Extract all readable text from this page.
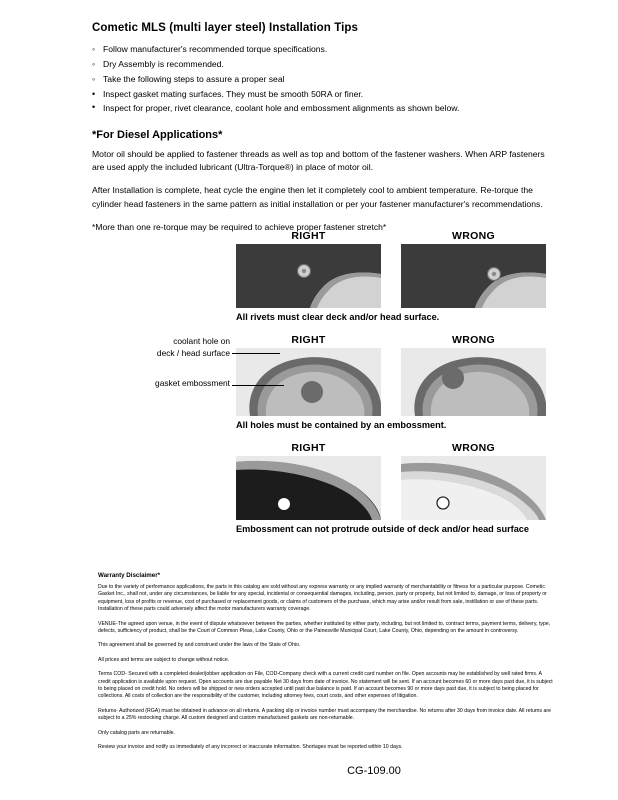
Cometic MLS (multi layer steel) Installation Tips
◦ Follow manufacturer's recommended torque specifications.
◦ Dry Assembly is recommended.
◦ Take the following steps to assure a proper seal
• Inspect gasket mating surfaces. They must be smooth 50RA or finer.
• Inspect for proper, rivet clearance, coolant hole and embossment alignments as shown below.
*For Diesel Applications*

Motor oil should be applied to fastener threads as well as top and bottom of the fastener washers. When ARP fasteners are used apply the included lubricant (Ultra-Torque®) in place of motor oil.

After Installation is complete, heat cycle the engine then let it completely cool to ambient temperature. Re-torque the cylinder head fasteners in the same pattern as initial installation or per your fastener manufacturer's recommendations.

*More than one re-torque may be required to achieve proper fastener stretch*

RIGHT	WRONG
All rivets must clear deck and/or head surface.
RIGHT	WRONG
All holes must be contained by an embossment.
RIGHT	WRONG
Embossment can not protrude outside of deck and/or head surface
coolant hole on
deck / head surface
gasket embossment
Warranty Disclaimer*

Due to the variety of performance applications, the parts in this catalog are sold without any express warranty or any implied warranty of merchantability or fitness for a particular purpose. Cometic Gasket Inc., shall not, under any circumstances, be liable for any special, incidental or consequential damages, including, person, party or property, but not limited to, damage, or loss of property or equipment, loss of profits or revenue, cost of purchased or replacement goods, or claims of customers of the purchase, which may arise and/or result from sale, instillation or use of these parts. Installation of these parts could adversely affect the motor manufacturers warranty coverage.

VENUE-The agreed upon venue, in the event of dispute whatsoever between the parties, whether instituted by either party, including, but not limited to, contract terms, payment terms, delivery, type, defects, sufficiency of product, shall be the Court of Common Pleas, Lake County, Ohio or the Painesville Municipal Court, Lake County, Ohio, depending on the amount in controversy.

This agreement shall be governed by and construed under the laws of the State of Ohio.

All prices and terms are subject to change without notice.

Terms COD- Secured with a completed dealer/jobber application on File, COD-Company check with a current credit card number on file. Open accounts may be established by well rated firms. A credit application is available upon request. Open accounts are due payable Net 30 days from date of invoice. No statement will be sent. If an account becomes 60 or more days past due, it is subject to being placed on credit hold. No orders will be shipped or new orders accepted until past due balance is paid. If an account becomes 90 or more days past due, it is subject to being placed for collections. All costs of collection are the responsibility of the customer, including attorney fees, court costs, and other expenses of litigation.

Returns- Authorized (RGA) must be obtained in advance on all returns. A packing slip or invoice number must accompany the merchandise. No returns after 30 days from invoice date. All returns are subject to a 25% restocking charge. All custom designed and custom manufactured gaskets are non-returnable.

Only catalog parts are returnable.

Review your invoice and notify us immediately of any incorrect or inaccurate information. Shortages must be reported within 10 days.

CG-109.00
